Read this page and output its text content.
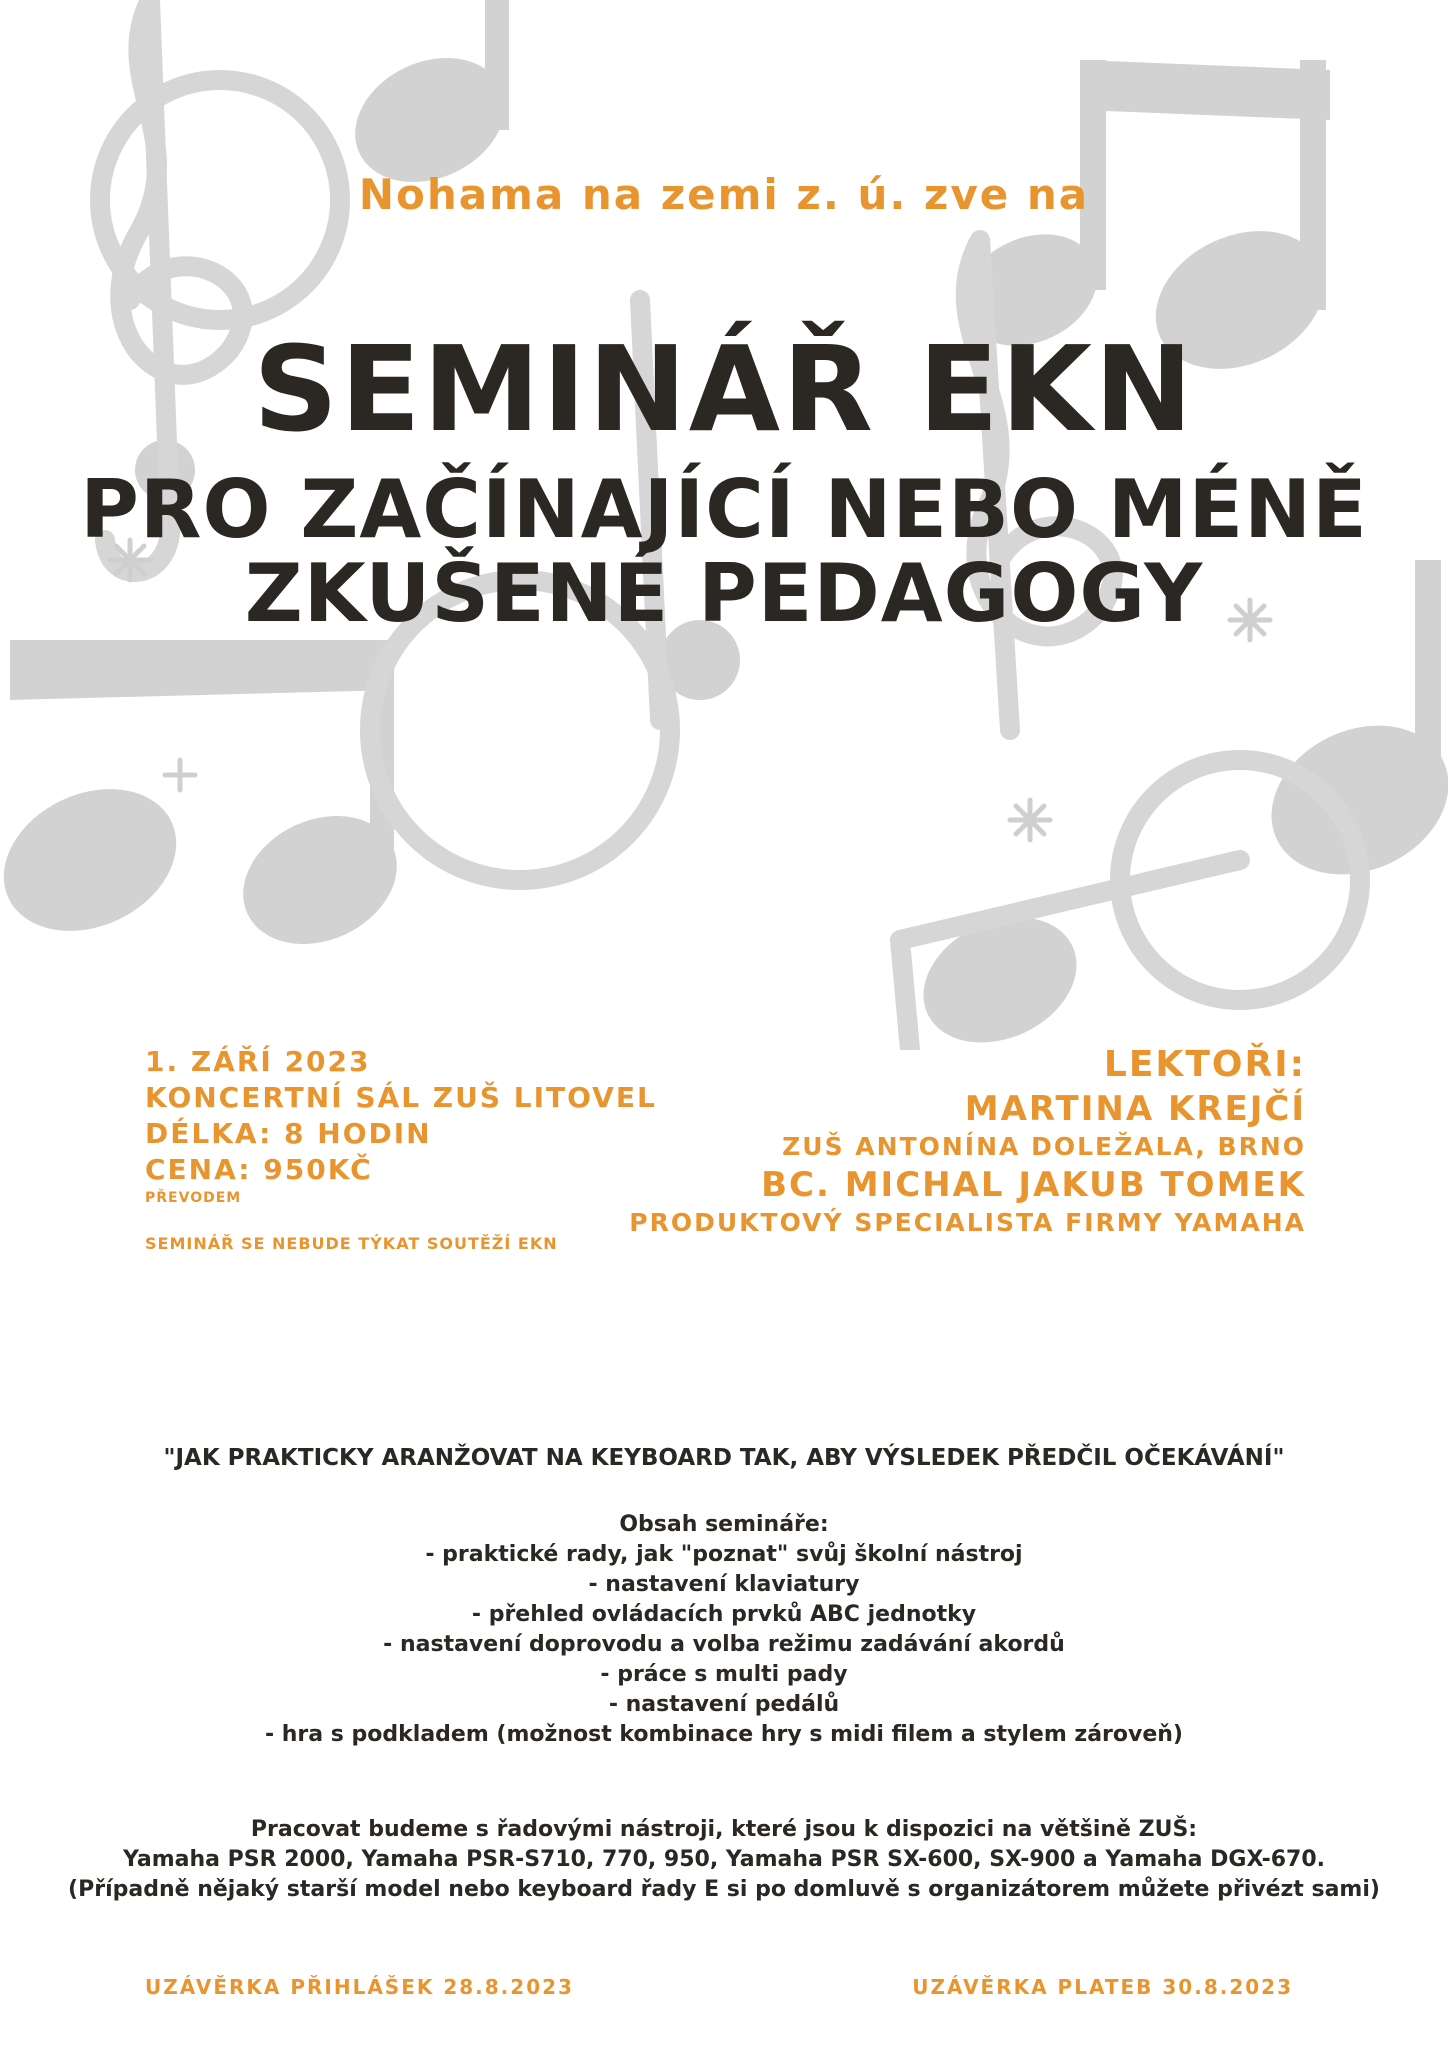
Nohama na zemi z. ú. zve na

SEMINÁŘ EKN
PRO ZAČÍNAJÍCÍ NEBO MÉNĚ
ZKUŠENÉ PEDAGOGY
1. ZÁŘÍ 2023
KONCERTNÍ SÁL ZUŠ LITOVEL
DÉLKA: 8 HODIN
CENA: 950KČ
PŘEVODEM
SEMINÁŘ SE NEBUDE TÝKAT SOUTĚŽÍ EKN
LEKTOŘI:
MARTINA KREJČÍ
ZUŠ ANTONÍNA DOLEŽALA, BRNO
BC. MICHAL JAKUB TOMEK
PRODUKTOVÝ SPECIALISTA FIRMY YAMAHA

"JAK PRAKTICKY ARANŽOVAT NA KEYBOARD TAK, ABY VÝSLEDEK PŘEDČIL OČEKÁVÁNÍ"

Obsah semináře:
- praktické rady, jak "poznat" svůj školní nástroj
- nastavení klaviatury
- přehled ovládacích prvků ABC jednotky
- nastavení doprovodu a volba režimu zadávání akordů
- práce s multi pady
- nastavení pedálů
- hra s podkladem (možnost kombinace hry s midi filem a stylem zároveň)
Pracovat budeme s řadovými nástroji, které jsou k dispozici na většině ZUŠ:
Yamaha PSR 2000, Yamaha PSR-S710, 770, 950, Yamaha PSR SX-600, SX-900 a Yamaha DGX-670.
(Případně nějaký starší model nebo keyboard řady E si po domluvě s organizátorem můžete přivézt sami)

UZÁVĚRKA PŘIHLÁŠEK 28.8.2023	UZÁVĚRKA PLATEB 30.8.2023
